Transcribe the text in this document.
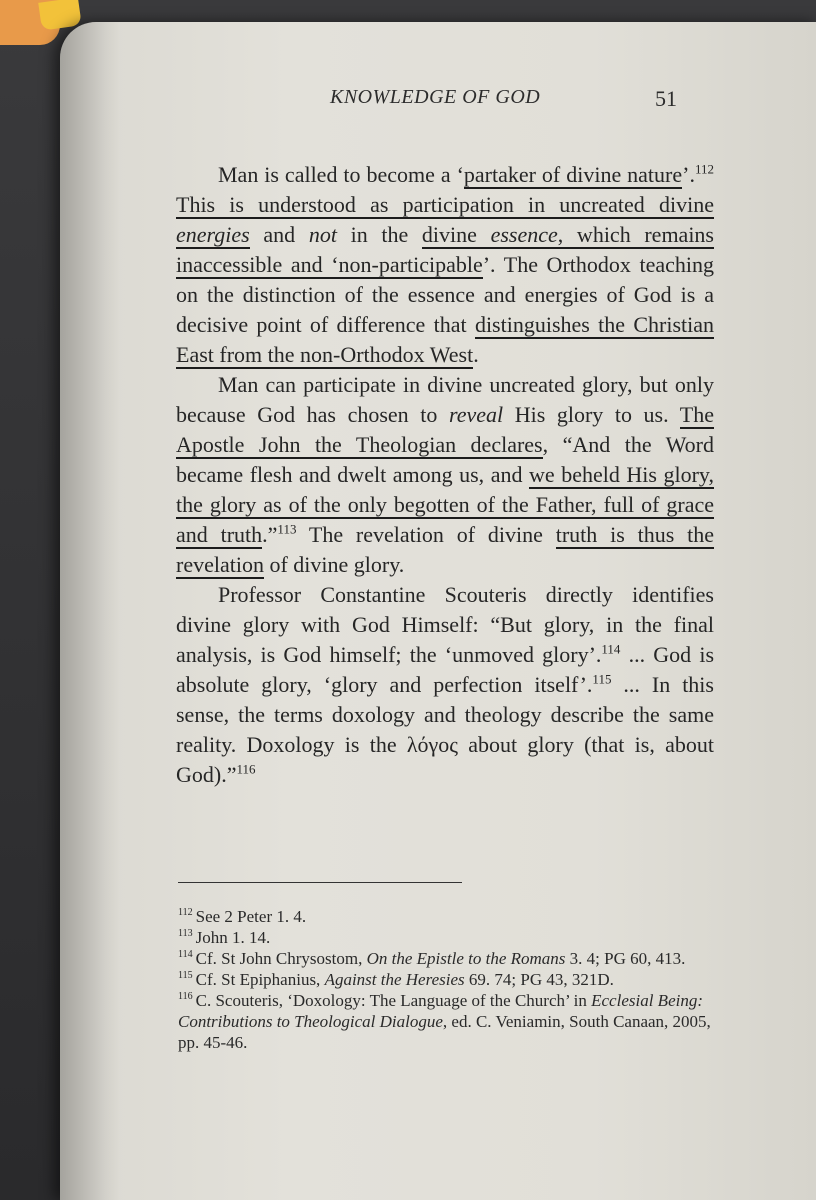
KNOWLEDGE OF GOD	51

Man is called to become a ‘partaker of divine nature’.$^{112}$ This is understood as participation in uncreated divine energies and not in the divine essence, which remains inaccessible and ‘non-participable’. The Orthodox teaching on the distinction of the essence and energies of God is a decisive point of difference that distinguishes the Christian East from the non-Orthodox West.

Man can participate in divine uncreated glory, but only because God has chosen to reveal His glory to us. The Apostle John the Theologian declares, “And the Word became flesh and dwelt among us, and we beheld His glory, the glory as of the only begotten of the Father, full of grace and truth.”$^{113}$ The revelation of divine truth is thus the revelation of divine glory.

Professor Constantine Scouteris directly identifies divine glory with God Himself: “But glory, in the final analysis, is God himself; the ‘unmoved glory’.$^{114}$ ... God is absolute glory, ‘glory and perfection itself’.$^{115}$ ... In this sense, the terms doxology and theology describe the same reality. Doxology is the λόγος about glory (that is, about God).”$^{116}$

$^{112}$ See 2 Peter 1. 4.

$^{113}$ John 1. 14.

$^{114}$ Cf. St John Chrysostom, On the Epistle to the Romans 3. 4; PG 60, 413.

$^{115}$ Cf. St Epiphanius, Against the Heresies 69. 74; PG 43, 321D.

$^{116}$ C. Scouteris, ‘Doxology: The Language of the Church’ in Ecclesial Being: Contributions to Theological Dialogue, ed. C. Veniamin, South Canaan, 2005, pp. 45-46.
